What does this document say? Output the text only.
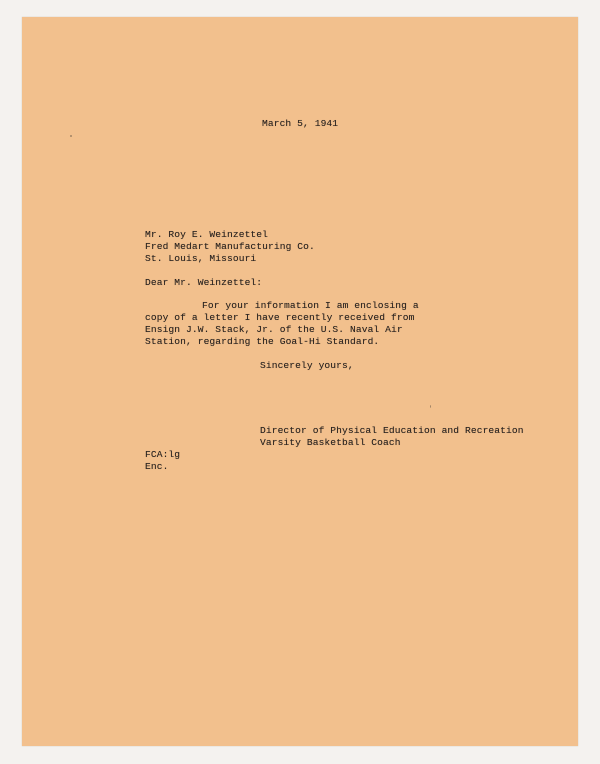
March 5, 1941

Mr. Roy E. Weinzettel

Fred Medart Manufacturing Co.

St. Louis, Missouri

Dear Mr. Weinzettel:

For your information I am enclosing a

copy of a letter I have recently received from

Ensign J.W. Stack, Jr. of the U.S. Naval Air

Station, regarding the Goal-Hi Standard.

Sincerely yours,

Director of Physical Education and Recreation

Varsity Basketball Coach

FCA:lg

Enc.
